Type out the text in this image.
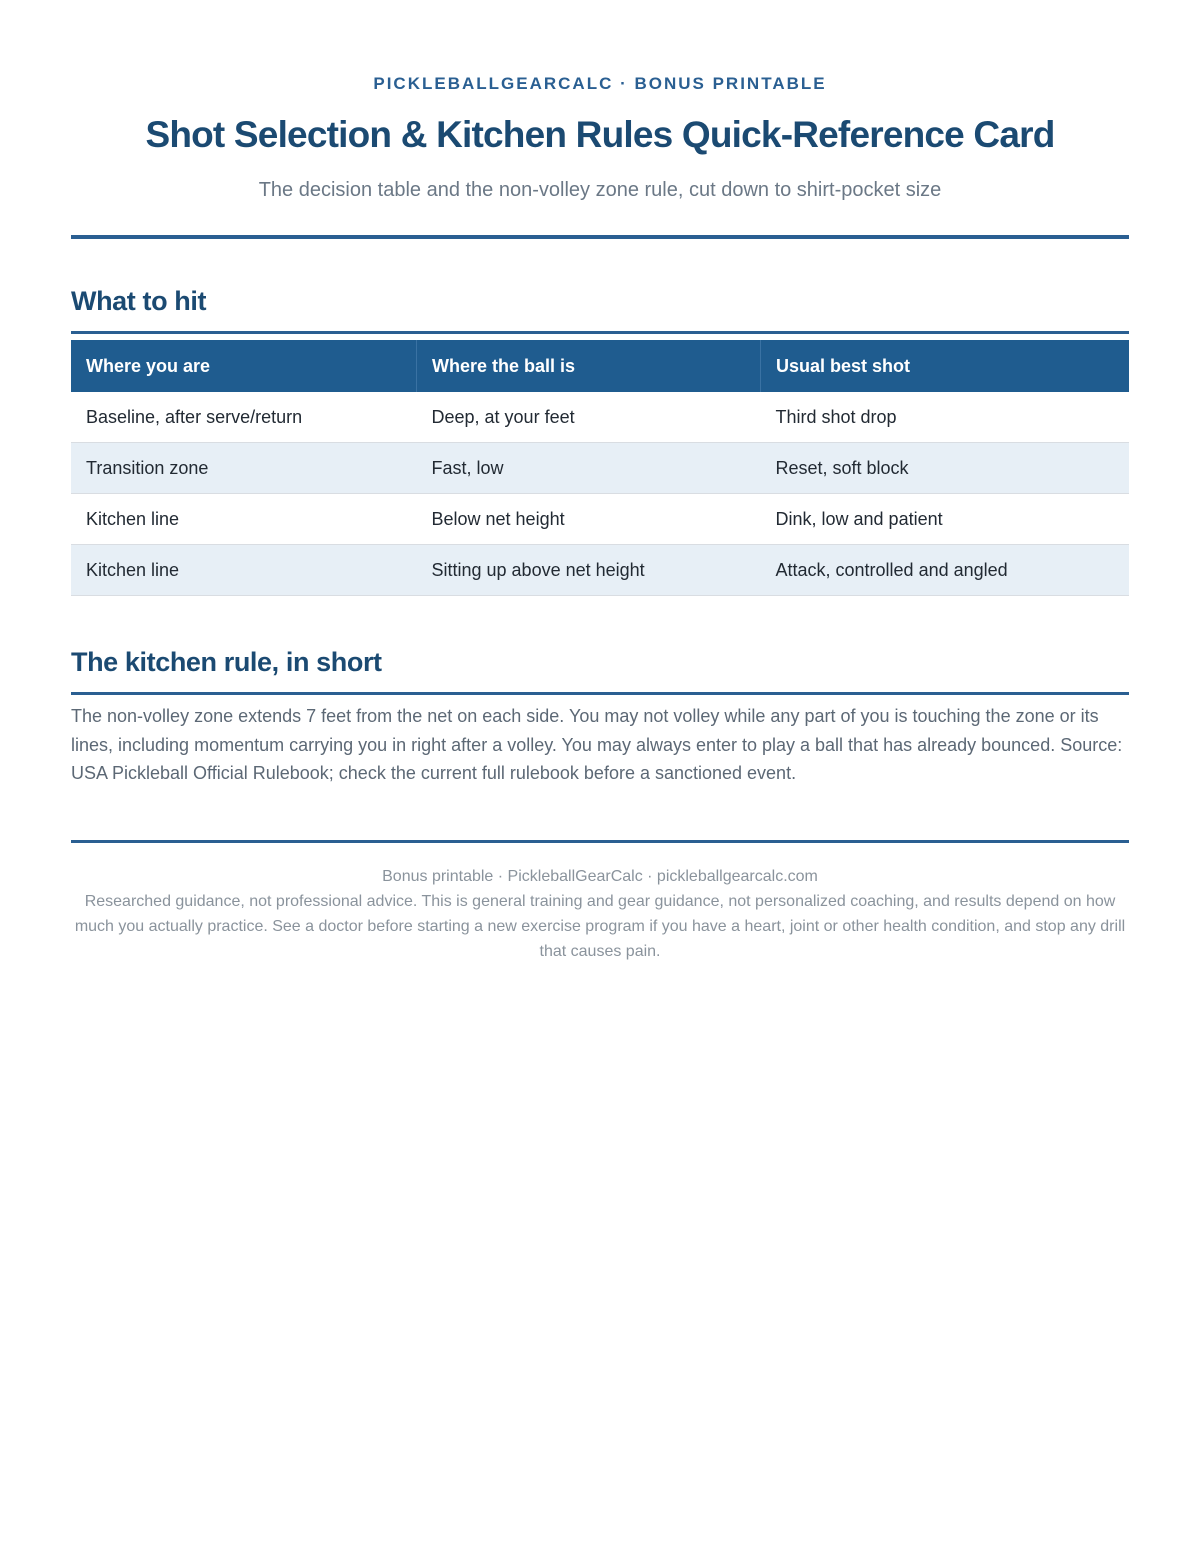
PICKLEBALLGEARCALC · BONUS PRINTABLE
Shot Selection & Kitchen Rules Quick-Reference Card
The decision table and the non-volley zone rule, cut down to shirt-pocket size
What to hit
Where you are	Where the ball is	Usual best shot
Baseline, after serve/return	Deep, at your feet	Third shot drop
Transition zone	Fast, low	Reset, soft block
Kitchen line	Below net height	Dink, low and patient
Kitchen line	Sitting up above net height	Attack, controlled and angled
The kitchen rule, in short

The non-volley zone extends 7 feet from the net on each side. You may not volley while any part of you is touching the zone or its lines, including momentum carrying you in right after a volley. You may always enter to play a ball that has already bounced. Source: USA Pickleball Official Rulebook; check the current full rulebook before a sanctioned event.

Bonus printable · PickleballGearCalc · pickleballgearcalc.com

Researched guidance, not professional advice. This is general training and gear guidance, not personalized coaching, and results depend on how much you actually practice. See a doctor before starting a new exercise program if you have a heart, joint or other health condition, and stop any drill that causes pain.
